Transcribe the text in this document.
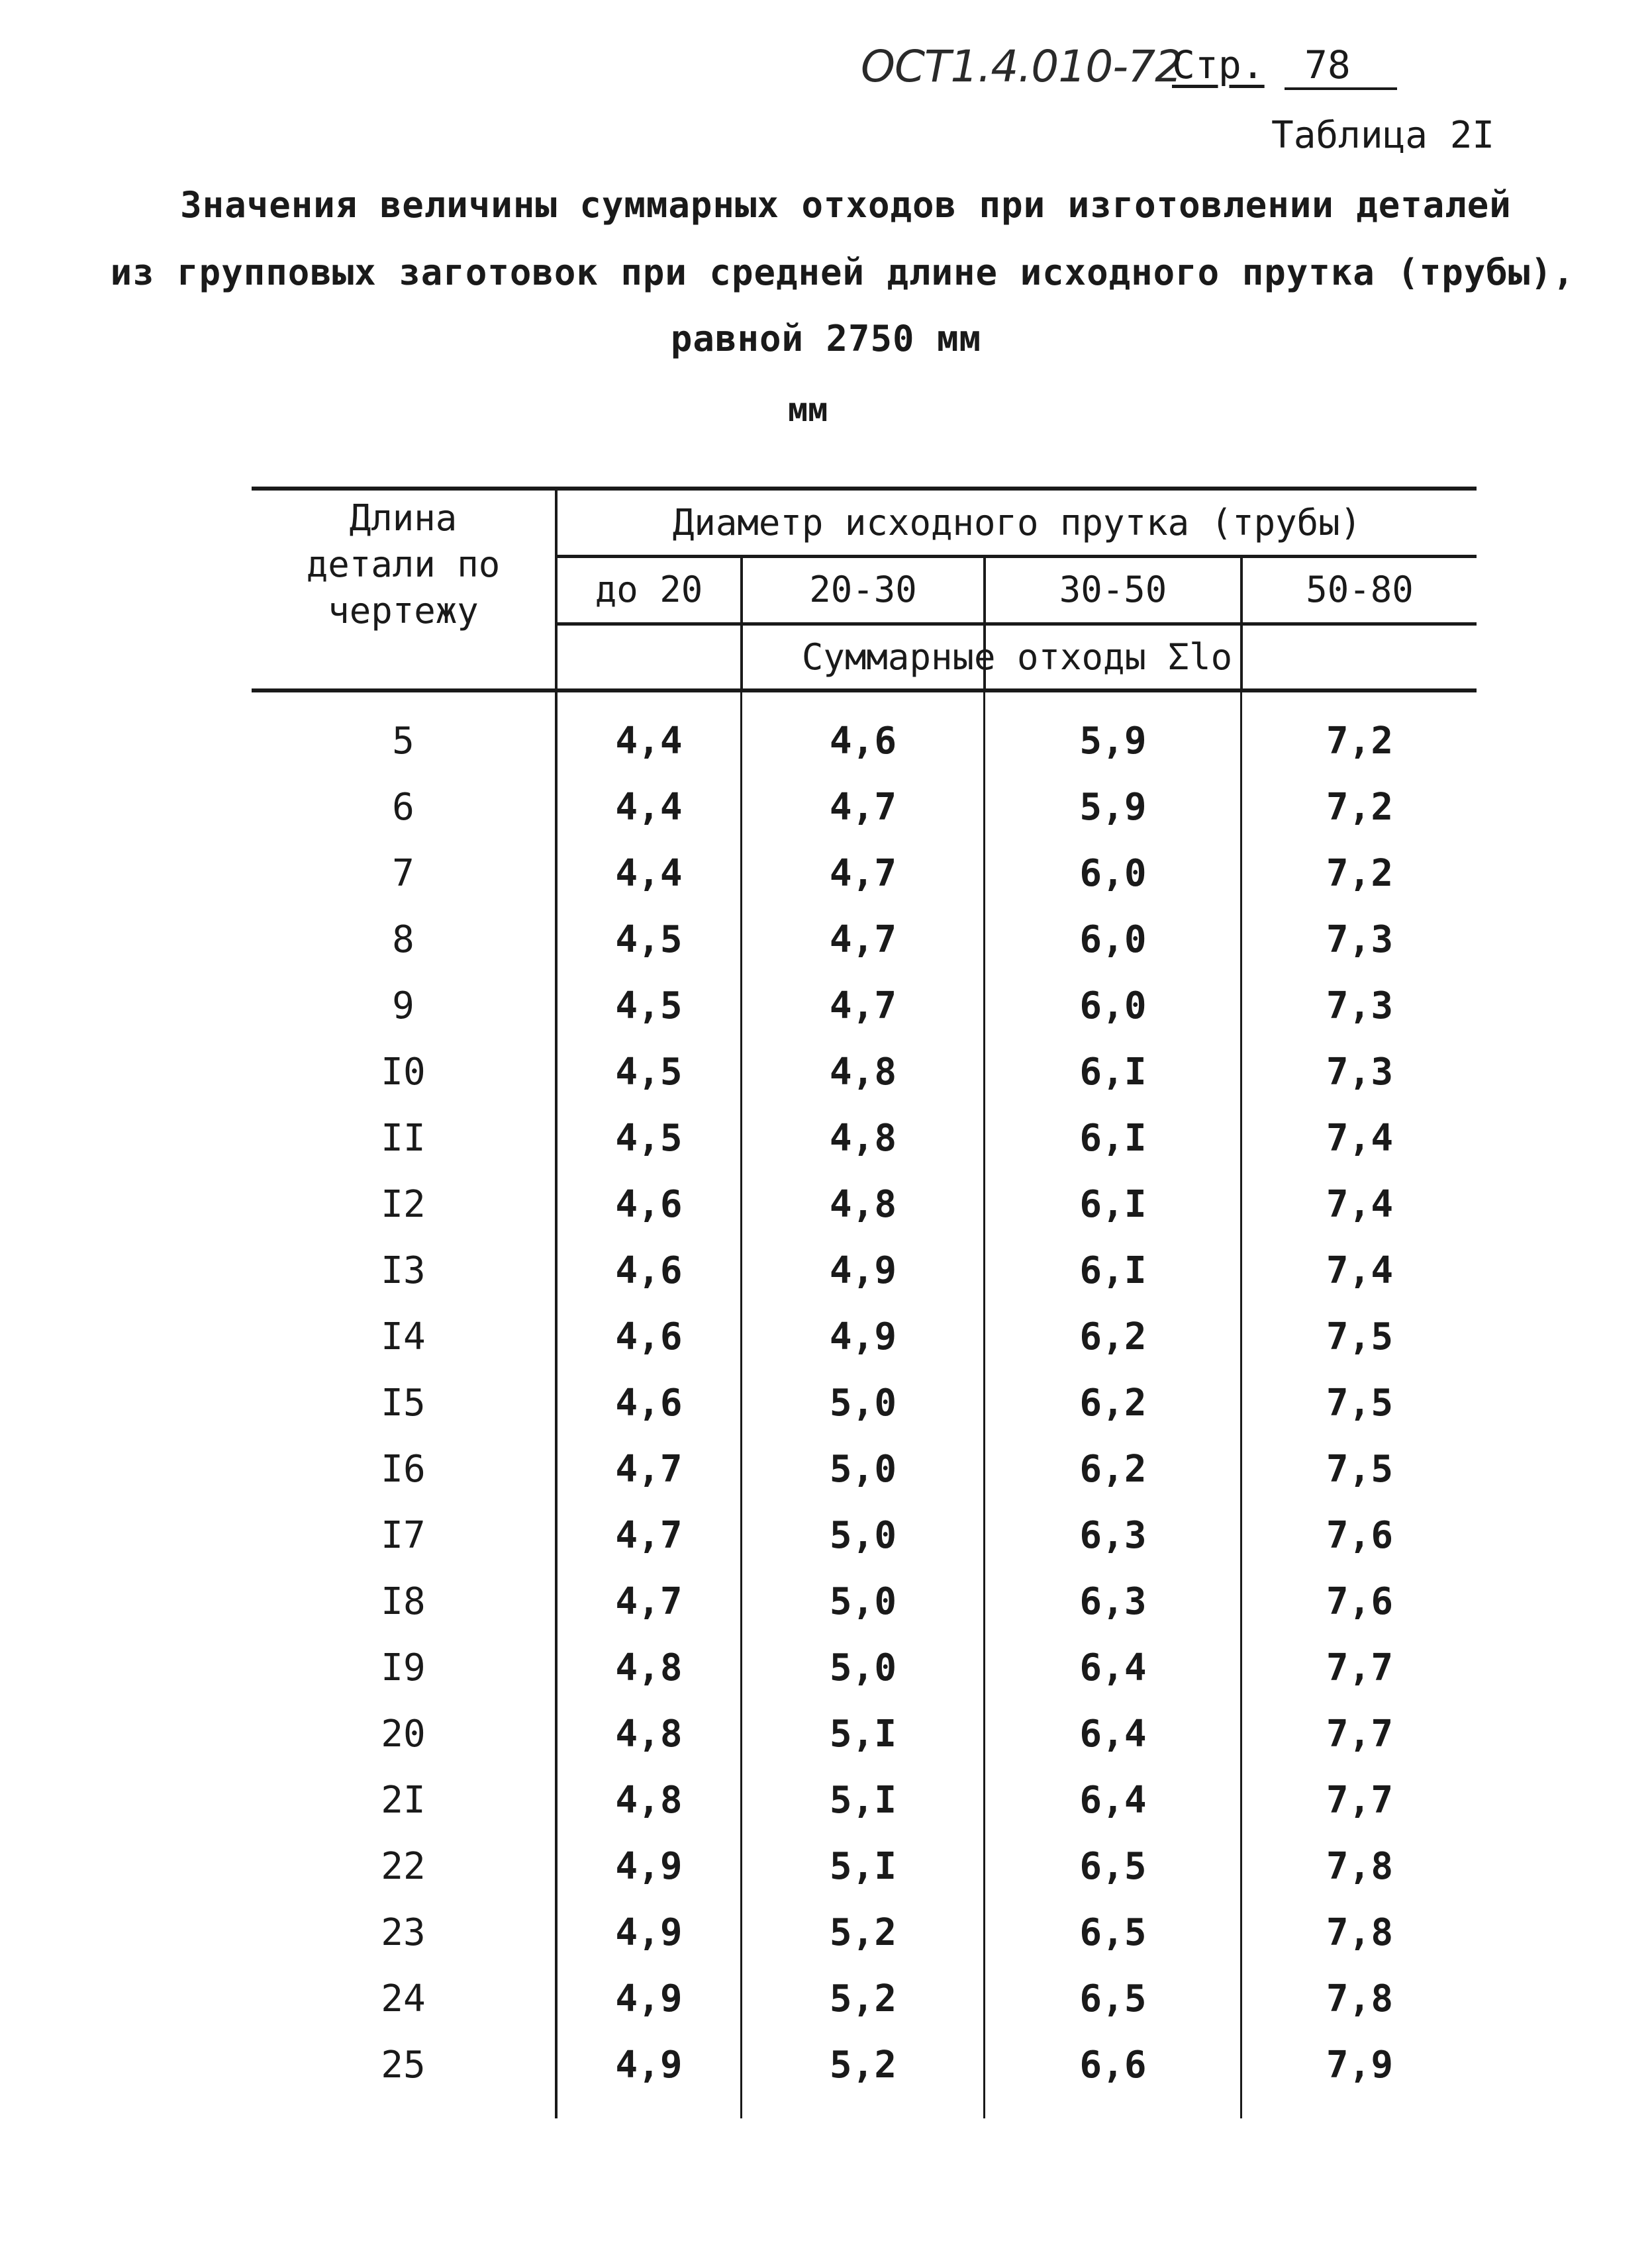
ОСТ1.4.010-72
Стр. 78
Таблица 2I
Значения величины суммарных отходов при изготовлении деталей
из групповых заготовок при средней длине исходного прутка (трубы),
равной 2750 мм
мм
Длина
детали по
чертежу
Диаметр исходного прутка (трубы)
до 20	20-30	30-50	50-80
Суммарные отходы Σlо
5	4,4	4,6	5,9	7,2
6	4,4	4,7	5,9	7,2
7	4,4	4,7	6,0	7,2
8	4,5	4,7	6,0	7,3
9	4,5	4,7	6,0	7,3
I0	4,5	4,8	6,I	7,3
II	4,5	4,8	6,I	7,4
I2	4,6	4,8	6,I	7,4
I3	4,6	4,9	6,I	7,4
I4	4,6	4,9	6,2	7,5
I5	4,6	5,0	6,2	7,5
I6	4,7	5,0	6,2	7,5
I7	4,7	5,0	6,3	7,6
I8	4,7	5,0	6,3	7,6
I9	4,8	5,0	6,4	7,7
20	4,8	5,I	6,4	7,7
2I	4,8	5,I	6,4	7,7
22	4,9	5,I	6,5	7,8
23	4,9	5,2	6,5	7,8
24	4,9	5,2	6,5	7,8
25	4,9	5,2	6,6	7,9
